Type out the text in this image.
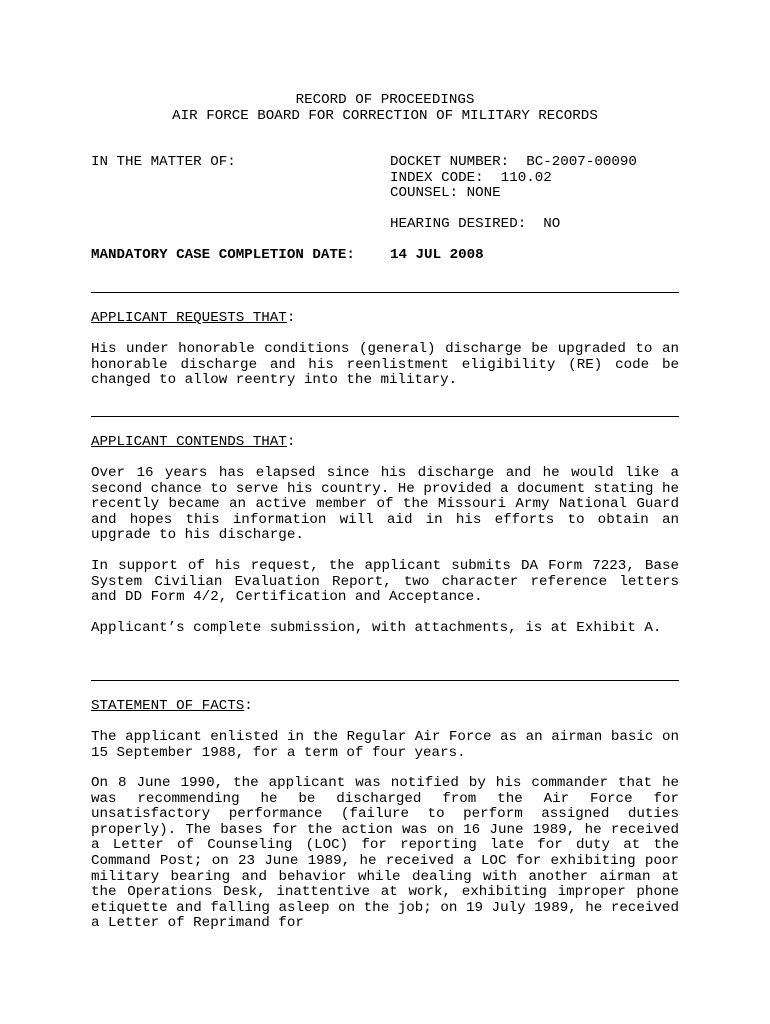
RECORD OF PROCEEDINGS
AIR FORCE BOARD FOR CORRECTION OF MILITARY RECORDS
IN THE MATTER OF:	DOCKET NUMBER:  BC-2007-00090
INDEX CODE:  110.02
COUNSEL: NONE
HEARING DESIRED:  NO
MANDATORY CASE COMPLETION DATE: 14 JUL 2008
APPLICANT REQUESTS THAT:

His under honorable conditions (general) discharge be upgraded to an honorable discharge and his reenlistment eligibility (RE) code be changed to allow reentry into the military.

APPLICANT CONTENDS THAT:

Over 16 years has elapsed since his discharge and he would like a second chance to serve his country. He provided a document stating he recently became an active member of the Missouri Army National Guard and hopes this information will aid in his efforts to obtain an upgrade to his discharge.

In support of his request, the applicant submits DA Form 7223, Base System Civilian Evaluation Report, two character reference letters and DD Form 4/2, Certification and Acceptance.

Applicant’s complete submission, with attachments, is at Exhibit A.

STATEMENT OF FACTS:

The applicant enlisted in the Regular Air Force as an airman basic on 15 September 1988, for a term of four years.

On 8 June 1990, the applicant was notified by his commander that he was recommending he be discharged from the Air Force for unsatisfactory performance (failure to perform assigned duties properly). The bases for the action was on 16 June 1989, he received a Letter of Counseling (LOC) for reporting late for duty at the Command Post; on 23 June 1989, he received a LOC for exhibiting poor military bearing and behavior while dealing with another airman at the Operations Desk, inattentive at work, exhibiting improper phone etiquette and falling asleep on the job; on 19 July 1989, he received a Letter of Reprimand for
